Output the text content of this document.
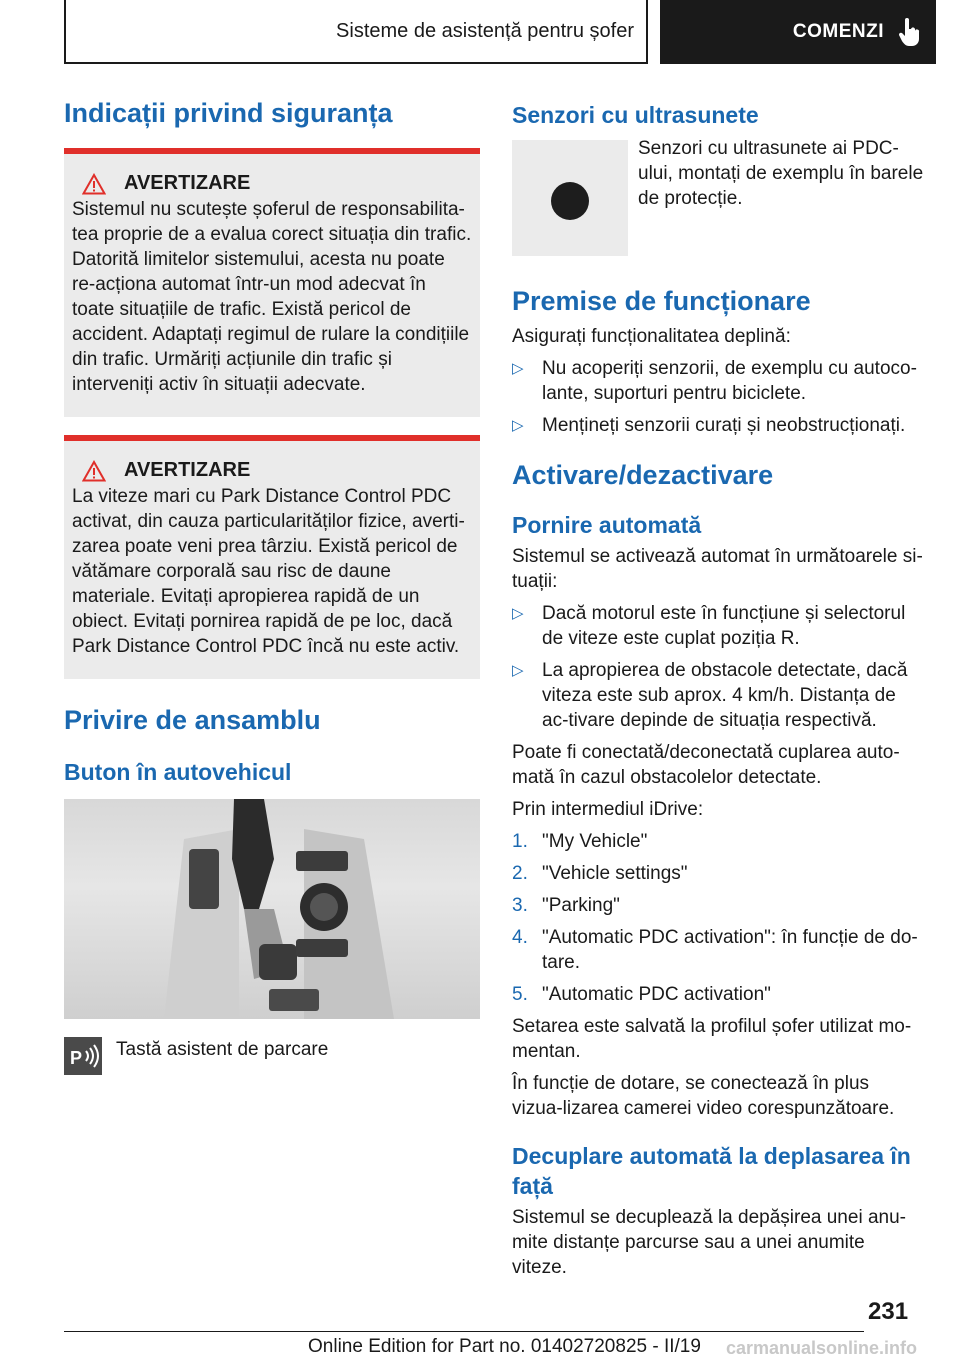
Sisteme de asistență pentru șofer	COMENZI
Indicații privind siguranța
AVERTIZARE

Sistemul nu scutește șoferul de responsabilita-tea proprie de a evalua corect situația din trafic. Datorită limitelor sistemului, acesta nu poate re-acționa automat într-un mod adecvat în toate situațiile de trafic. Există pericol de accident. Adaptați regimul de rulare la condițiile din trafic. Urmăriți acțiunile din trafic și interveniți activ în situații adecvate.

AVERTIZARE

La viteze mari cu Park Distance Control PDC activat, din cauza particularităților fizice, averti-zarea poate veni prea târziu. Există pericol de vătămare corporală sau risc de daune materiale. Evitați apropierea rapidă de un obiect. Evitați pornirea rapidă de pe loc, dacă Park Distance Control PDC încă nu este activ.

Privire de ansamblu
Buton în autovehicul
P Tastă asistent de parcare

Senzori cu ultrasunete

Senzori cu ultrasunete ai PDC-ului, montați de exemplu în barele de protecție.

Premise de funcționare

Asigurați funcționalitatea deplină:

▷ Nu acoperiți senzorii, de exemplu cu autoco-lante, suporturi pentru biciclete.
▷ Mențineți senzorii curați și neobstrucționați.
Activare/dezactivare
Pornire automată

Sistemul se activează automat în următoarele si-tuații:

▷ Dacă motorul este în funcțiune și selectorul de viteze este cuplat poziția R.
▷ La apropierea de obstacole detectate, dacă viteza este sub aprox. 4 km/h. Distanța de ac-tivare depinde de situația respectivă.

Poate fi conectată/deconectată cuplarea auto-mată în cazul obstacolelor detectate.

Prin intermediul iDrive:

1. "My Vehicle"
2. "Vehicle settings"
3. "Parking"
4. "Automatic PDC activation": în funcție de do-tare.
5. "Automatic PDC activation"

Setarea este salvată la profilul șofer utilizat mo-mentan.

În funcție de dotare, se conectează în plus vizua-lizarea camerei video corespunzătoare.

Decuplare automată la deplasarea în față

Sistemul se decuplează la depășirea unei anu-mite distanțe parcurse sau a unei anumite viteze.

231
Online Edition for Part no. 01402720825 - II/19 carmanualsonline.info
